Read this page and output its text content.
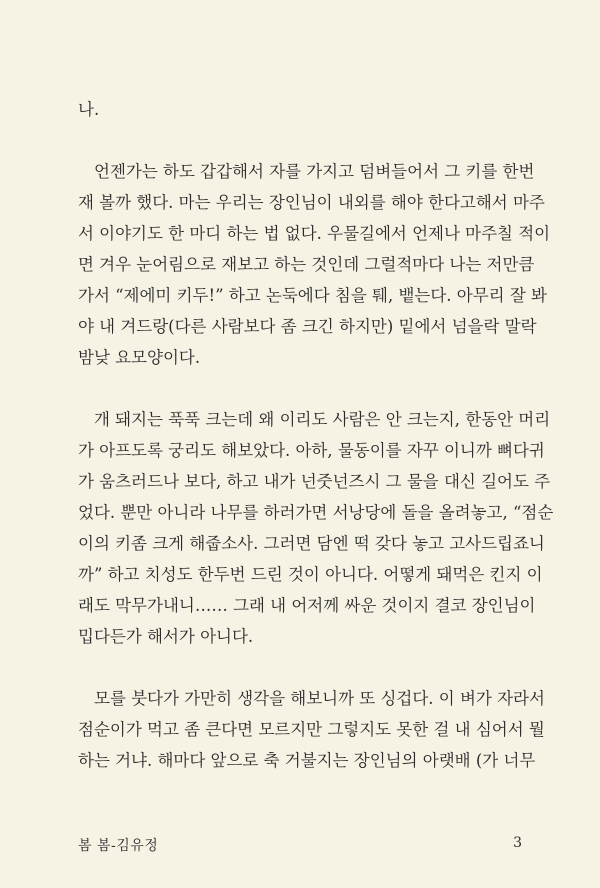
나.
언젠가는 하도 갑갑해서 자를 가지고 덤벼들어서 그 키를 한번
재 볼까 했다. 마는 우리는 장인님이 내외를 해야 한다고해서 마주
서 이야기도 한 마디 하는 법 없다. 우물길에서 언제나 마주칠 적이
면 겨우 눈어림으로 재보고 하는 것인데 그럴적마다 나는 저만큼
가서 “제에미 키두!” 하고 논둑에다 침을 퉤, 뱉는다. 아무리 잘 봐
야 내 겨드랑(다른 사람보다 좀 크긴 하지만) 밑에서 넘을락 말락
밤낮 요모양이다.
개 돼지는 푹푹 크는데 왜 이리도 사람은 안 크는지, 한동안 머리
가 아프도록 궁리도 해보았다. 아하, 물동이를 자꾸 이니까 뼈다귀
가 움츠러드나 보다, 하고 내가 넌줏넌즈시 그 물을 대신 길어도 주
었다. 뿐만 아니라 나무를 하러가면 서낭당에 돌을 올려놓고, “점순
이의 키좀 크게 해줍소사. 그러면 담엔 떡 갖다 놓고 고사드립죠니
까” 하고 치성도 한두번 드린 것이 아니다. 어떻게 돼먹은 킨지 이
래도 막무가내니…… 그래 내 어저께 싸운 것이지 결코 장인님이
밉다든가 해서가 아니다.
모를 붓다가 가만히 생각을 해보니까 또 싱겁다. 이 벼가 자라서
점순이가 먹고 좀 큰다면 모르지만 그렇지도 못한 걸 내 심어서 뭘
하는 거냐. 해마다 앞으로 축 거불지는 장인님의 아랫배 (가 너무
봄 봄-김유정	3
